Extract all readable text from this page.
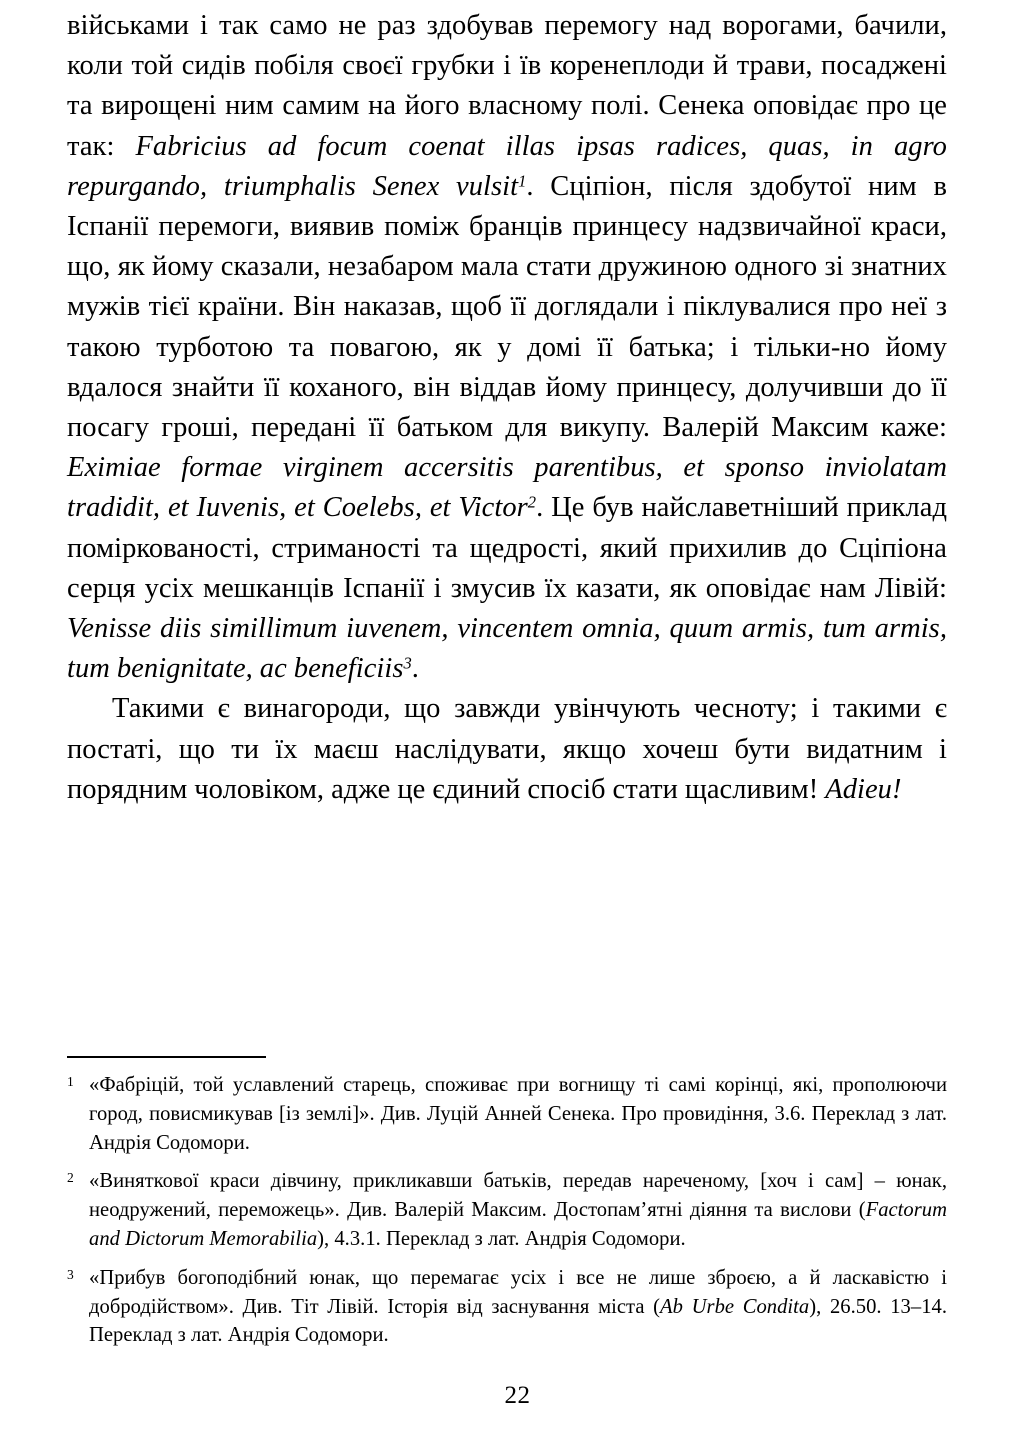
військами і так само не раз здобував перемогу над ворогами, бачили, коли той сидів побіля своєї грубки і їв коренеплоди й трави, посаджені та вирощені ним самим на його власному полі. Сенека оповідає про це так: Fabricius ad focum coenat illas ipsas radices, quas, in agro repurgando, triumphalis Senex vulsit$^1$. Сціпіон, після здобутої ним в Іспанії перемоги, виявив поміж бранців принцесу надзвичайної краси, що, як йому сказали, незабаром мала стати дружиною одного зі знатних мужів тієї країни. Він наказав, щоб її доглядали і піклувалися про неї з такою турботою та повагою, як у домі її батька; і тільки-но йому вдалося знайти її коханого, він віддав йому принцесу, долучивши до її посагу гроші, передані її батьком для викупу. Валерій Максим каже: Eximiae formae virginem accersitis parentibus, et sponso inviolatam tradidit, et Iuvenis, et Coelebs, et Victor$^2$. Це був найславетніший приклад поміркованості, стриманості та щедрості, який прихилив до Сціпіона серця усіх мешканців Іспанії і змусив їх казати, як оповідає нам Лівій: Venisse diis simillimum iuvenem, vincentem omnia, quum armis, tum armis, tum benignitate, ac beneficiis$^3$.

Такими є винагороди, що завжди увінчують чесноту; і такими є постаті, що ти їх маєш наслідувати, якщо хочеш бути видатним і порядним чоловіком, адже це єдиний спосіб стати щасливим! Adieu!

1 «Фабріцій, той уславлений старець, споживає при вогнищу ті самі корінці, які, прополюючи город, повисмикував [із землі]». Див. Луцій Анней Сенека. Про провидіння, 3.6. Переклад з лат. Андрія Содомори.
2 «Виняткової краси дівчину, прикликавши батьків, передав нареченому, [хоч і сам] – юнак, неодружений, переможець». Див. Валерій Максим. Достопам’ятні діяння та вислови (Factorum and Dictorum Memorabilia), 4.3.1. Переклад з лат. Андрія Содомори.
3 «Прибув богоподібний юнак, що перемагає усіх і все не лише зброєю, а й ласкавістю і добродійством». Див. Тіт Лівій. Історія від заснування міста (Ab Urbe Condita), 26.50. 13–14. Переклад з лат. Андрія Содомори.
22
